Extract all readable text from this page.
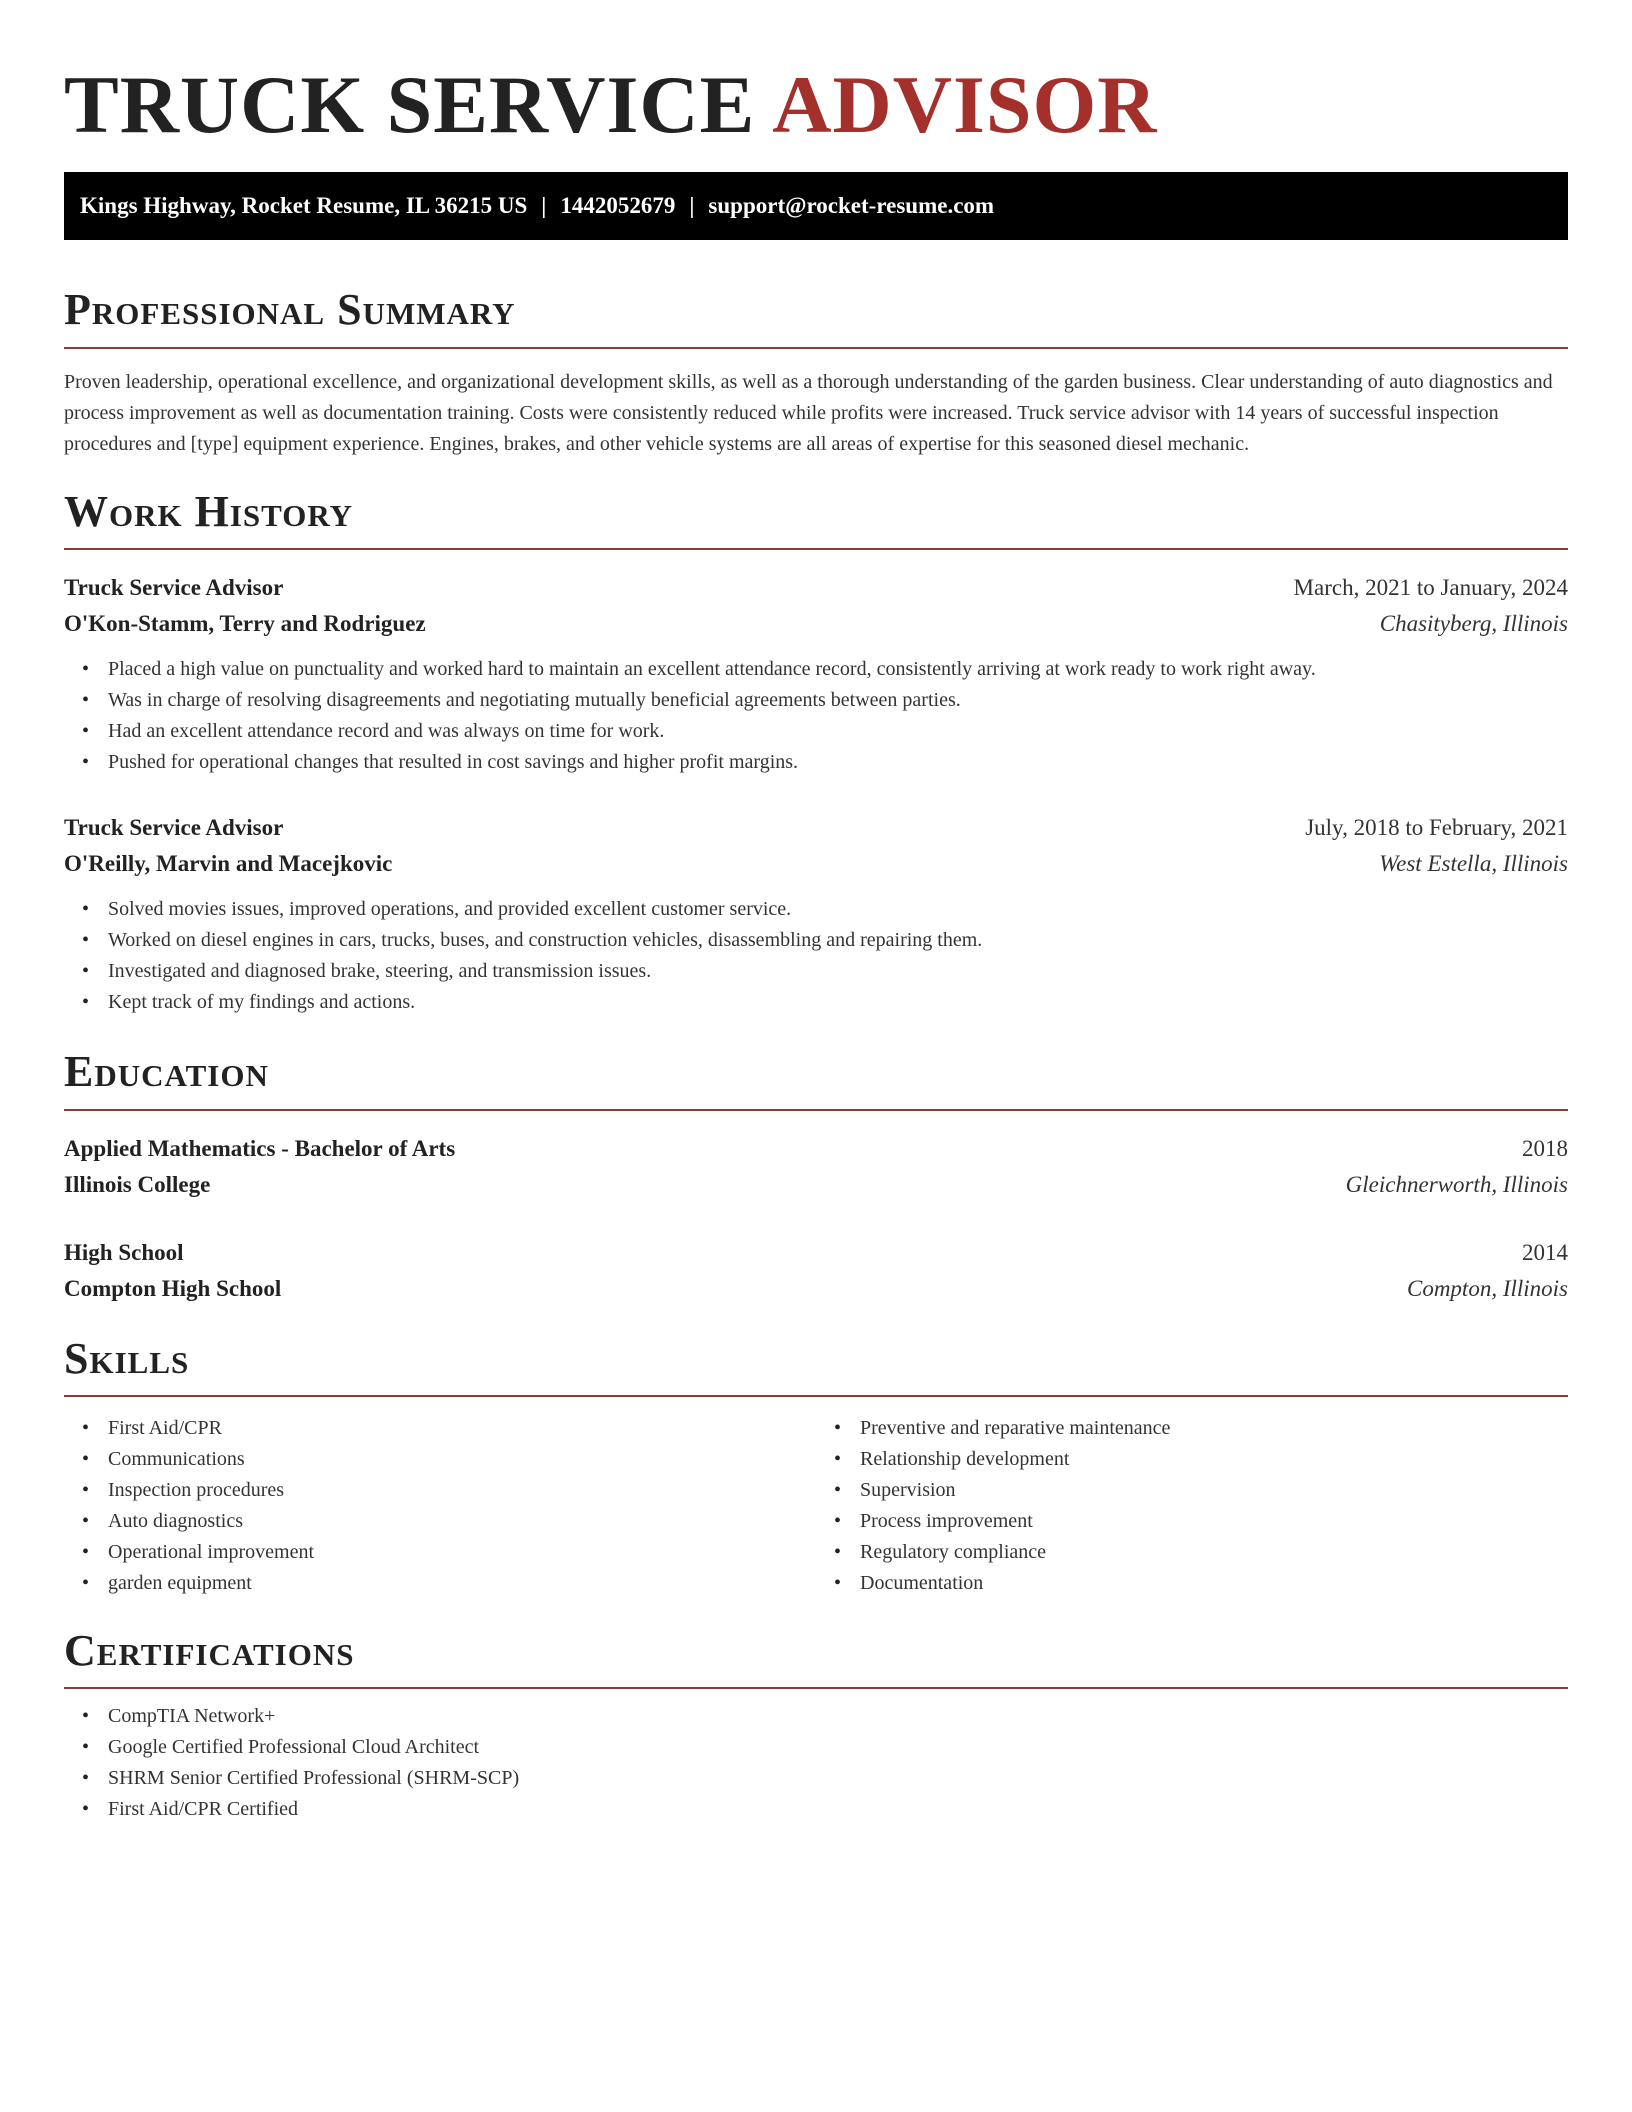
TRUCK SERVICE ADVISOR
Kings Highway, Rocket Resume, IL 36215 US | 1442052679 | support@rocket-resume.com
Professional Summary

Proven leadership, operational excellence, and organizational development skills, as well as a thorough understanding of the garden business. Clear understanding of auto diagnostics and process improvement as well as documentation training. Costs were consistently reduced while profits were increased. Truck service advisor with 14 years of successful inspection procedures and [type] equipment experience. Engines, brakes, and other vehicle systems are all areas of expertise for this seasoned diesel mechanic.

Work History
Truck Service Advisor	March, 2021 to January, 2024
O'Kon-Stamm, Terry and Rodriguez	Chasityberg, Illinois
• Placed a high value on punctuality and worked hard to maintain an excellent attendance record, consistently arriving at work ready to work right away.
• Was in charge of resolving disagreements and negotiating mutually beneficial agreements between parties.
• Had an excellent attendance record and was always on time for work.
• Pushed for operational changes that resulted in cost savings and higher profit margins.
Truck Service Advisor	July, 2018 to February, 2021
O'Reilly, Marvin and Macejkovic	West Estella, Illinois
• Solved movies issues, improved operations, and provided excellent customer service.
• Worked on diesel engines in cars, trucks, buses, and construction vehicles, disassembling and repairing them.
• Investigated and diagnosed brake, steering, and transmission issues.
• Kept track of my findings and actions.
Education
Applied Mathematics - Bachelor of Arts	2018
Illinois College	Gleichnerworth, Illinois
High School	2014
Compton High School	Compton, Illinois
Skills
• First Aid/CPR
• Communications
• Inspection procedures
• Auto diagnostics
• Operational improvement
• garden equipment
• Preventive and reparative maintenance
• Relationship development
• Supervision
• Process improvement
• Regulatory compliance
• Documentation
Certifications
• CompTIA Network+
• Google Certified Professional Cloud Architect
• SHRM Senior Certified Professional (SHRM-SCP)
• First Aid/CPR Certified
